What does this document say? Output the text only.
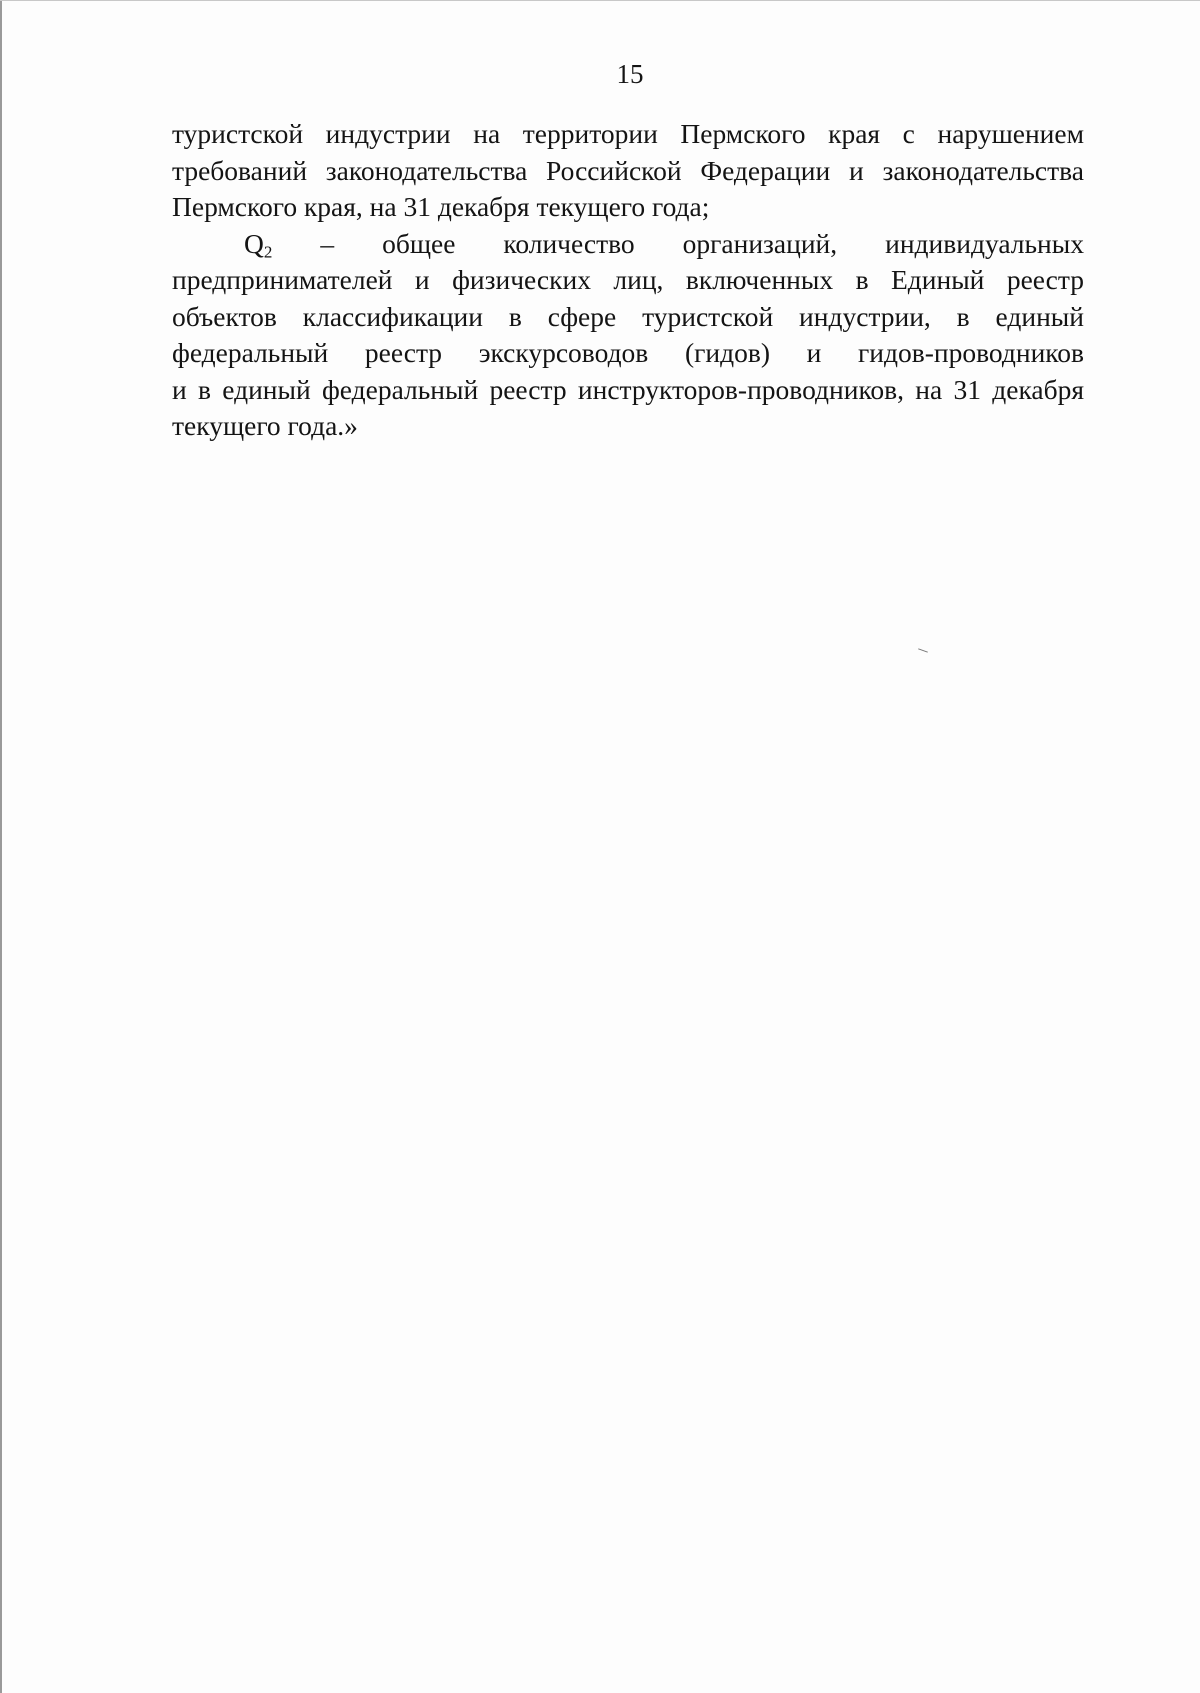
15

туристской индустрии на территории Пермского края с нарушением
требований законодательства Российской Федерации и законодательства
Пермского края, на 31 декабря текущего года;

$Q_2$ – общее количество организаций, индивидуальных
предпринимателей и физических лиц, включенных в Единый реестр
объектов классификации в сфере туристской индустрии, в единый
федеральный реестр экскурсоводов (гидов) и гидов-проводников
и в единый федеральный реестр инструкторов-проводников, на 31 декабря
текущего года.»
